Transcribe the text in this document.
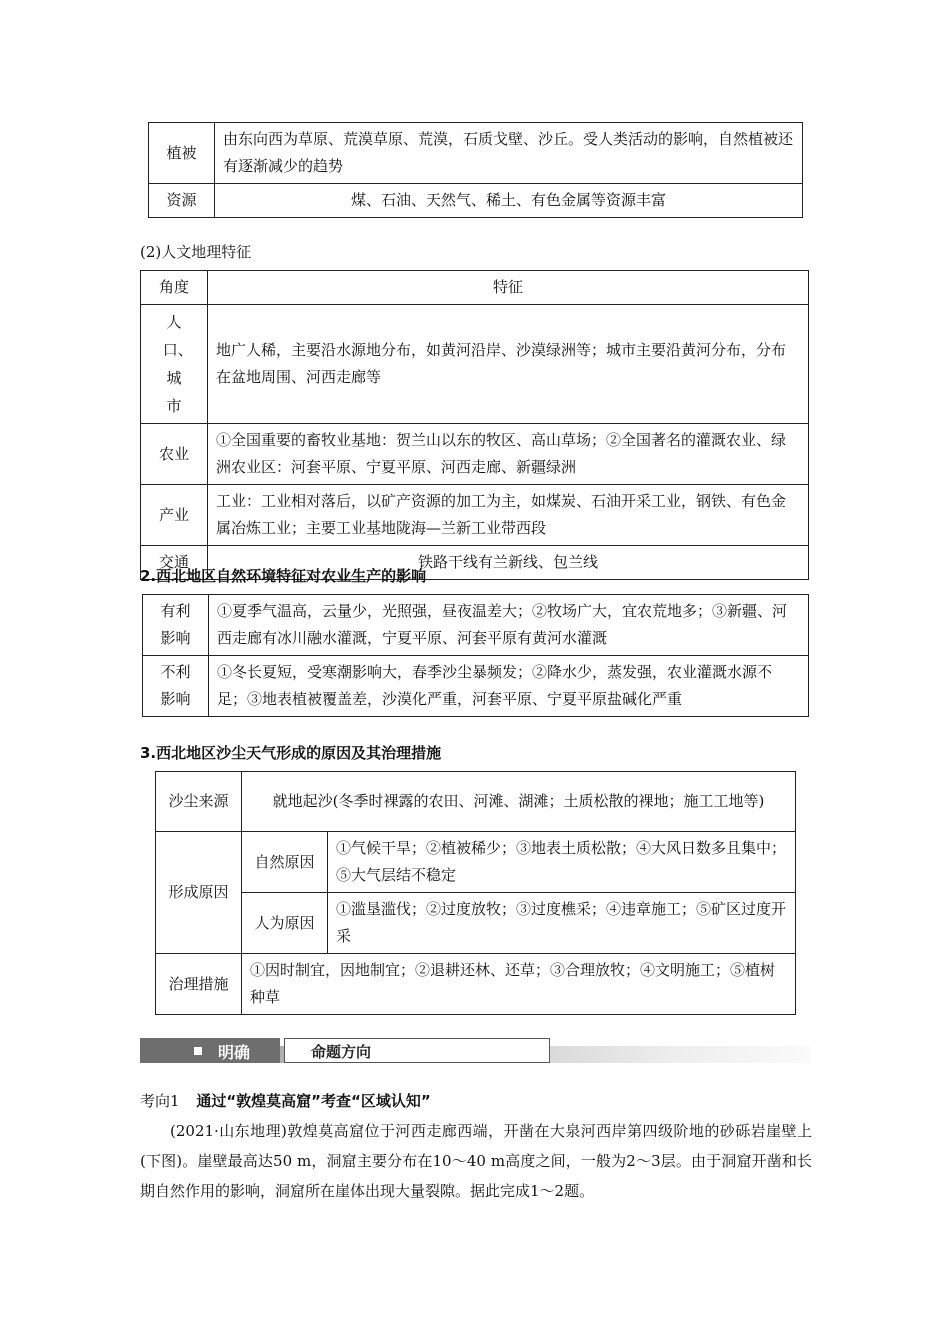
植被	由东向西为草原、荒漠草原、荒漠，石质戈壁、沙丘。受人类活动的影响，自然植被还有逐渐减少的趋势
资源	煤、石油、天然气、稀土、有色金属等资源丰富
(2)人文地理特征
角度	特征

人口、城市	地广人稀，主要沿水源地分布，如黄河沿岸、沙漠绿洲等；城市主要沿黄河分布，分布在盆地周围、河西走廊等
农业	①全国重要的畜牧业基地：贺兰山以东的牧区、高山草场；②全国著名的灌溉农业、绿洲农业区：河套平原、宁夏平原、河西走廊、新疆绿洲
产业	工业：工业相对落后，以矿产资源的加工为主，如煤炭、石油开采工业，钢铁、有色金属冶炼工业；主要工业基地陇海—兰新工业带西段
交通	铁路干线有兰新线、包兰线
2.西北地区自然环境特征对农业生产的影响
有利影响	①夏季气温高，云量少，光照强，昼夜温差大；②牧场广大，宜农荒地多；③新疆、河西走廊有冰川融水灌溉，宁夏平原、河套平原有黄河水灌溉

不利影响	①冬长夏短，受寒潮影响大，春季沙尘暴频发；②降水少，蒸发强，农业灌溉水源不足；③地表植被覆盖差，沙漠化严重，河套平原、宁夏平原盐碱化严重
3.西北地区沙尘天气形成的原因及其治理措施
沙尘来源	就地起沙(冬季时裸露的农田、河滩、湖滩；土质松散的裸地；施工工地等)	
形成原因	自然原因	①气候干旱；②植被稀少；③地表土质松散；④大风日数多且集中；⑤大气层结不稳定
	人为原因	①滥垦滥伐；②过度放牧；③过度樵采；④违章施工；⑤矿区过度开采
治理措施	①因时制宜，因地制宜；②退耕还林、还草；③合理放牧；④文明施工；⑤植树种草	
明确	命题方向
考向1 通过“敦煌莫高窟”考查“区域认知”
(2021·山东地理)敦煌莫高窟位于河西走廊西端，开凿在大泉河西岸第四级阶地的砂砾岩崖壁上(下图)。崖壁最高达50 m，洞窟主要分布在10～40 m高度之间，一般为2～3层。由于洞窟开凿和长期自然作用的影响，洞窟所在崖体出现大量裂隙。据此完成1～2题。
